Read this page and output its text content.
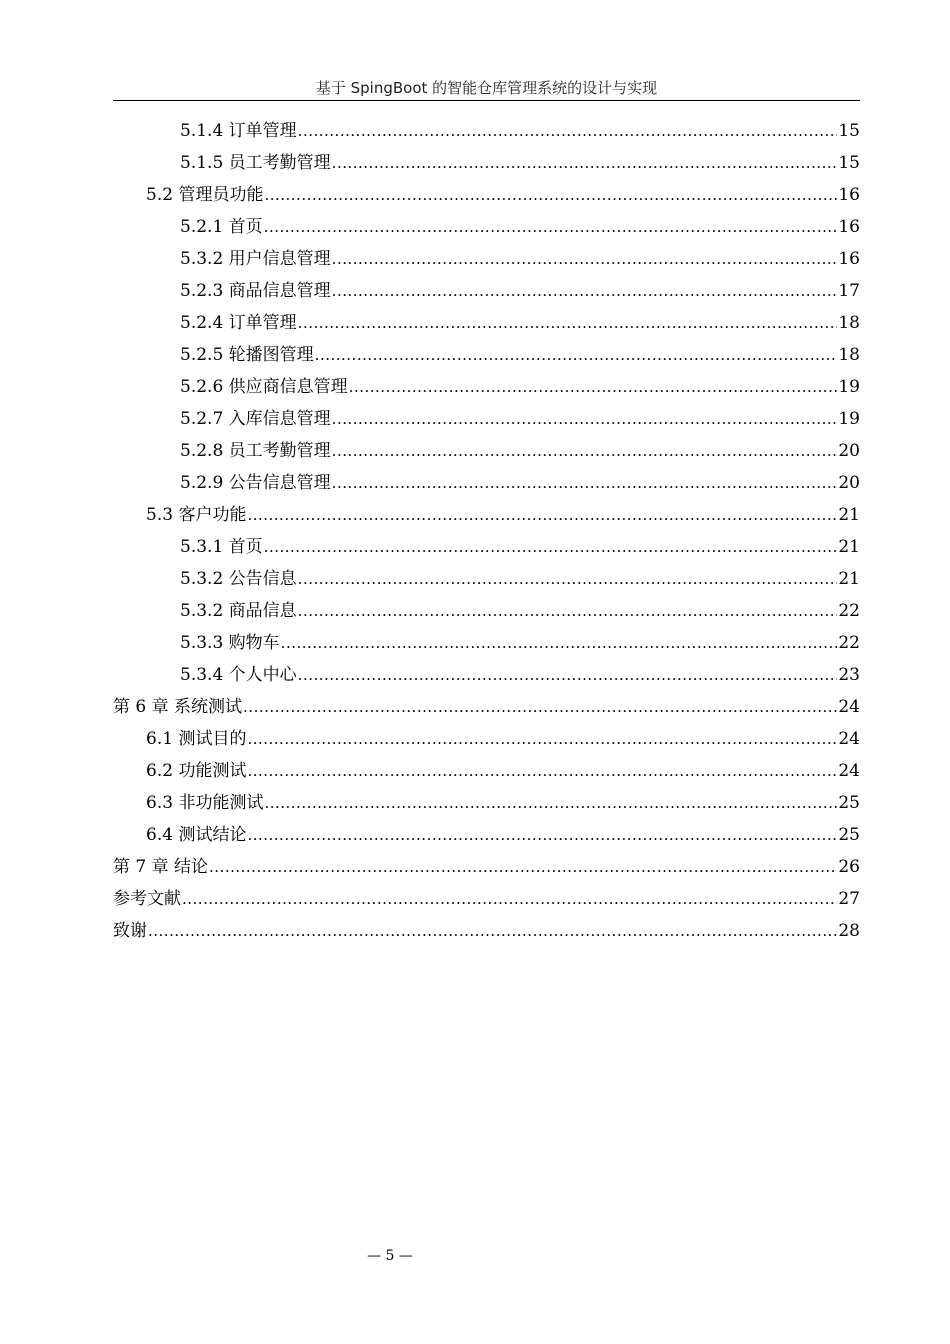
基于 SpingBoot 的智能仓库管理系统的设计与实现
5.1.4 订单管理 .....	15
5.1.5 员工考勤管理 .....	15
5.2 管理员功能 .....	16
5.2.1 首页 .....	16
5.3.2 用户信息管理 .....	16
5.2.3 商品信息管理 .....	17
5.2.4 订单管理 .....	18
5.2.5 轮播图管理 .....	18
5.2.6 供应商信息管理 .....	19
5.2.7 入库信息管理 .....	19
5.2.8 员工考勤管理 .....	20
5.2.9 公告信息管理 .....	20
5.3 客户功能 .....	21
5.3.1 首页 .....	21
5.3.2 公告信息 .....	21
5.3.2 商品信息 .....	22
5.3.3 购物车 .....	22
5.3.4 个人中心 .....	23
第 6 章 系统测试 .....	24
6.1 测试目的 .....	24
6.2 功能测试 .....	24
6.3 非功能测试 .....	25
6.4 测试结论 .....	25
第 7 章 结论 .....	26
参考文献 .....	27
致谢 .....	28
— 5 —
